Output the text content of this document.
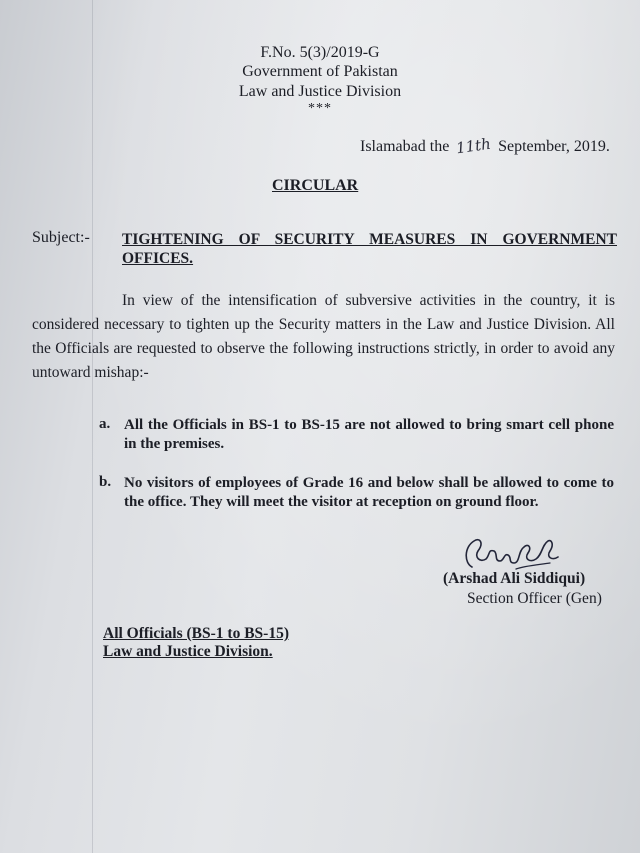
F.No. 5(3)/2019-G
Government of Pakistan
Law and Justice Division
***
Islamabad the 11th September, 2019.
CIRCULAR
Subject:- TIGHTENING OF SECURITY MEASURES IN GOVERNMENT OFFICES.
In view of the intensification of subversive activities in the country, it is considered necessary to tighten up the Security matters in the Law and Justice Division. All the Officials are requested to observe the following instructions strictly, in order to avoid any untoward mishap:-
a. All the Officials in BS-1 to BS-15 are not allowed to bring smart cell phone in the premises.
b. No visitors of employees of Grade 16 and below shall be allowed to come to the office. They will meet the visitor at reception on ground floor.
(Arshad Ali Siddiqui)
Section Officer (Gen)
All Officials (BS-1 to BS-15)
Law and Justice Division.
